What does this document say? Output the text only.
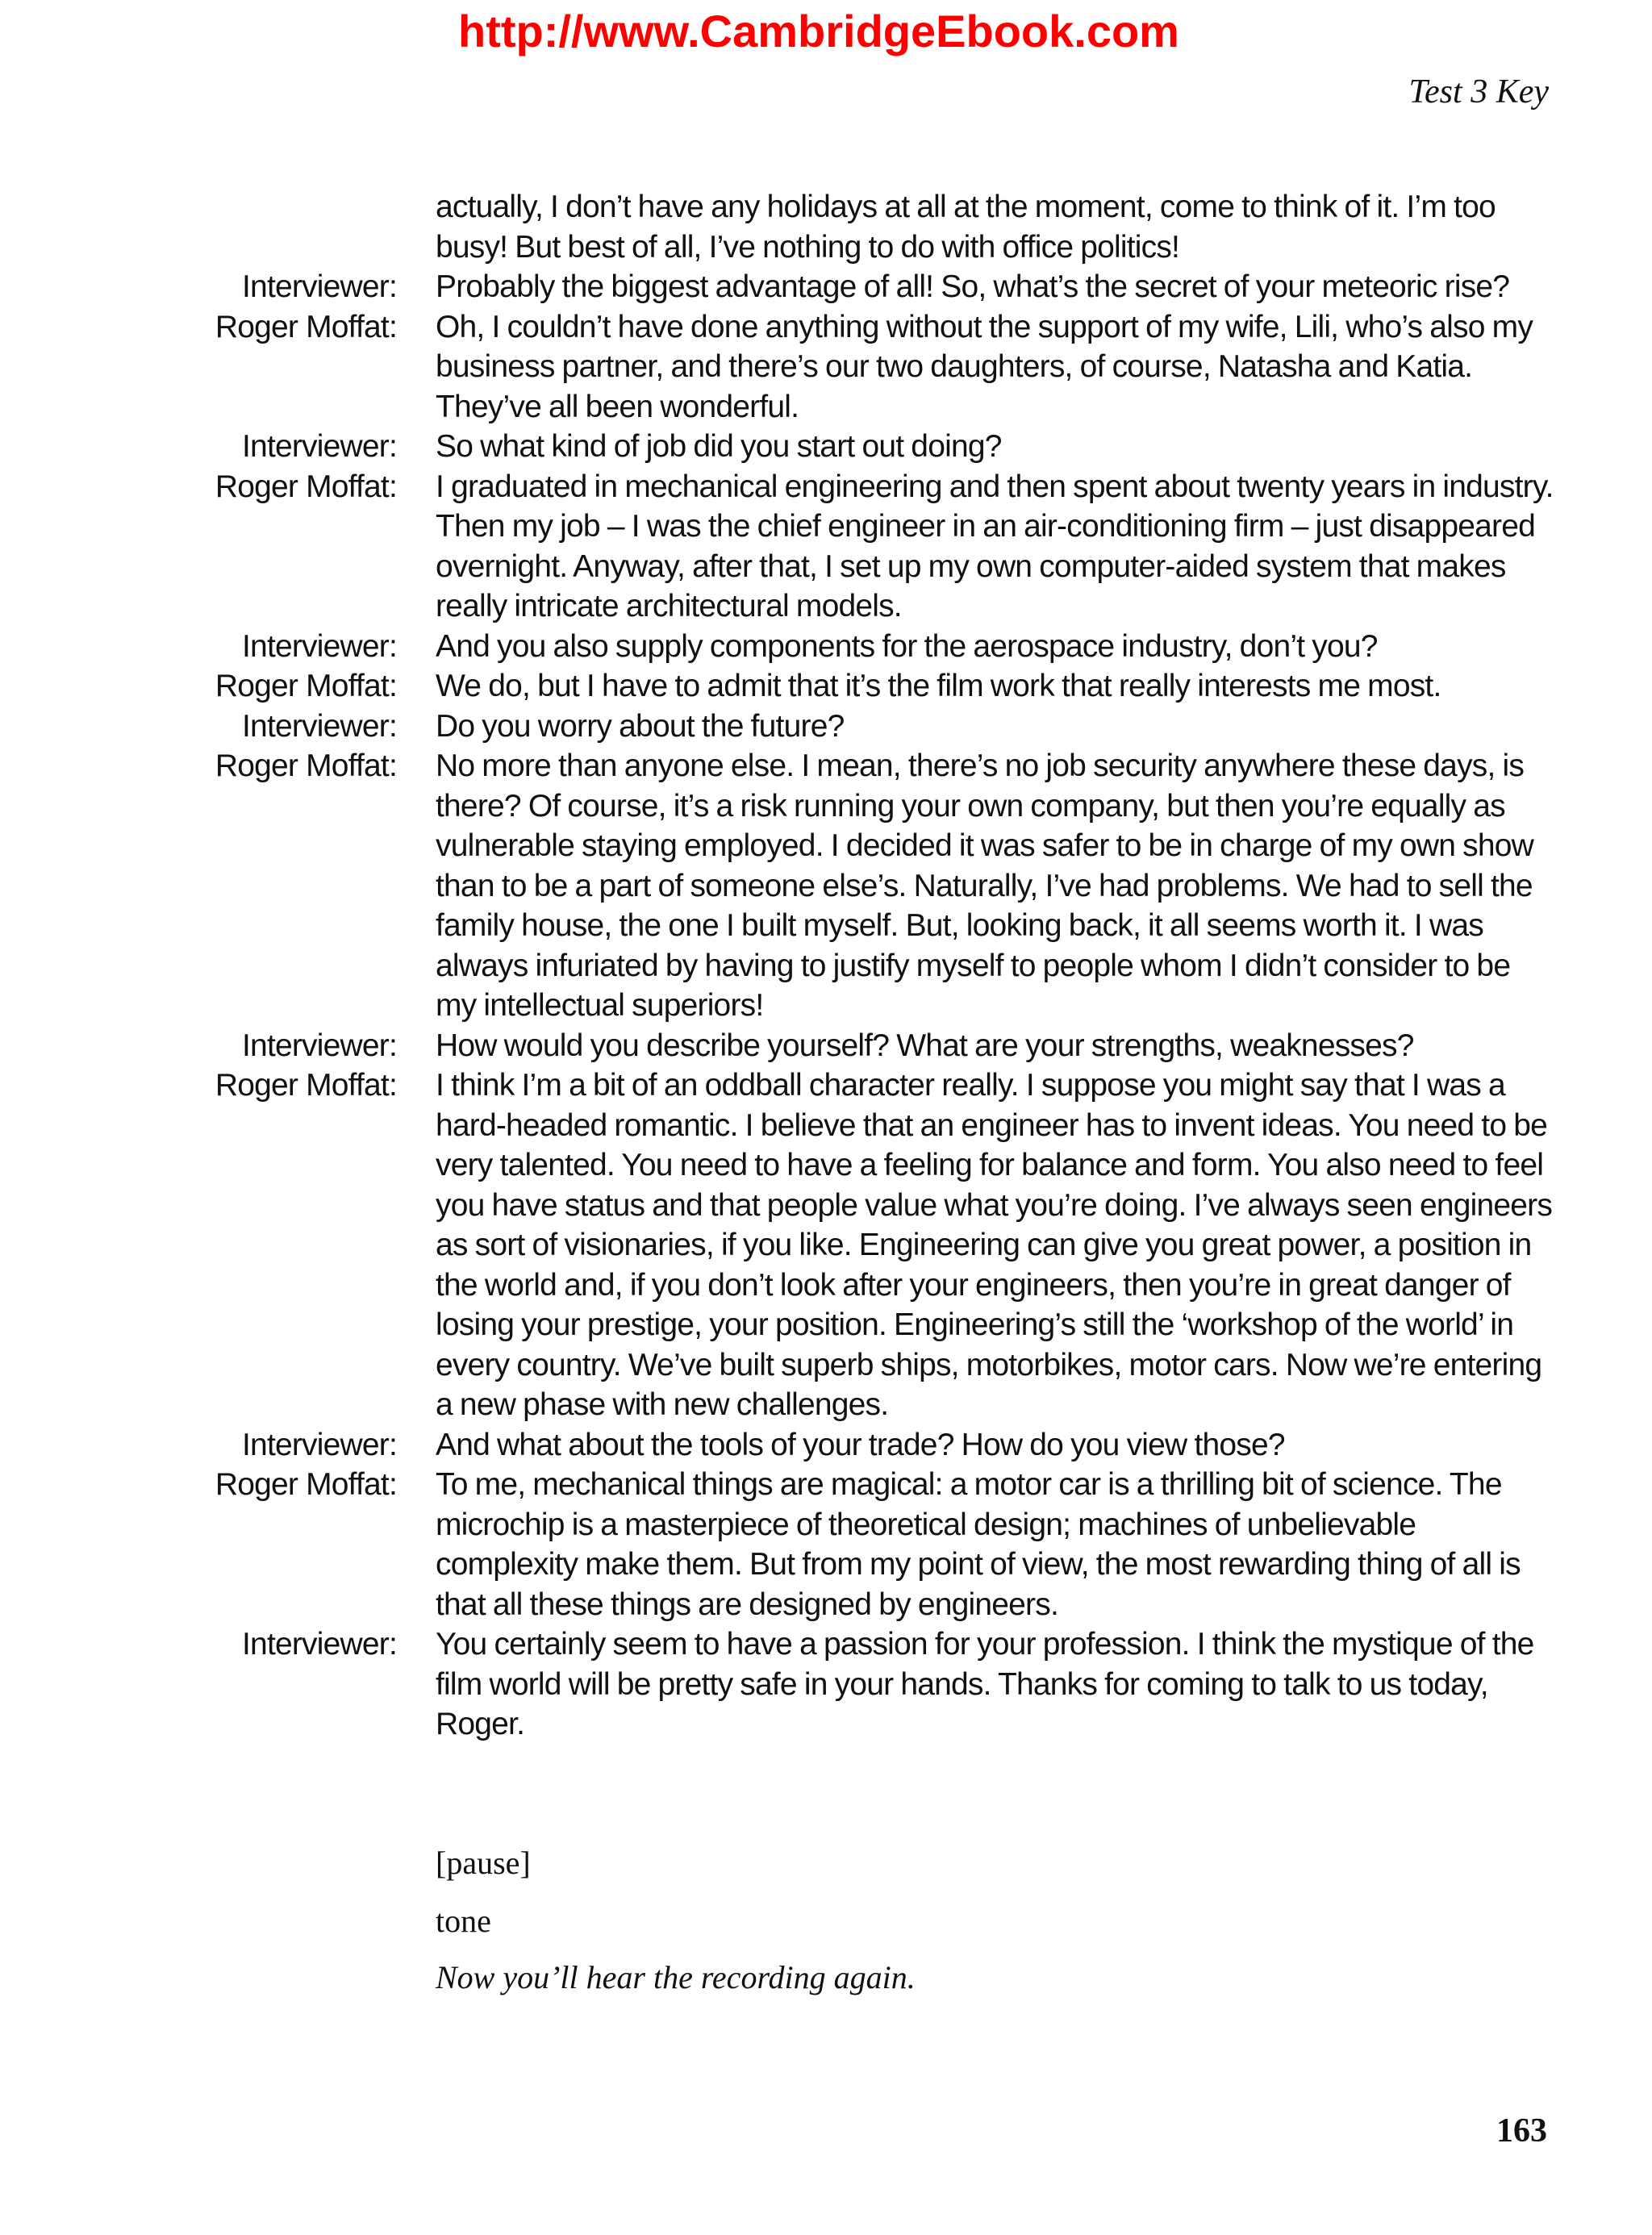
http://www.CambridgeEbook.com
Test 3 Key
actually, I don’t have any holidays at all at the moment, come to think of it. I’m too busy! But best of all, I’ve nothing to do with office politics!
Interviewer: Probably the biggest advantage of all! So, what’s the secret of your meteoric rise?
Roger Moffat: Oh, I couldn’t have done anything without the support of my wife, Lili, who’s also my business partner, and there’s our two daughters, of course, Natasha and Katia. They’ve all been wonderful.
Interviewer: So what kind of job did you start out doing?
Roger Moffat: I graduated in mechanical engineering and then spent about twenty years in industry. Then my job – I was the chief engineer in an air-conditioning firm – just disappeared overnight. Anyway, after that, I set up my own computer-aided system that makes really intricate architectural models.
Interviewer: And you also supply components for the aerospace industry, don’t you?
Roger Moffat: We do, but I have to admit that it’s the film work that really interests me most.
Interviewer: Do you worry about the future?
Roger Moffat: No more than anyone else. I mean, there’s no job security anywhere these days, is there? Of course, it’s a risk running your own company, but then you’re equally as vulnerable staying employed. I decided it was safer to be in charge of my own show than to be a part of someone else’s. Naturally, I’ve had problems. We had to sell the family house, the one I built myself. But, looking back, it all seems worth it. I was always infuriated by having to justify myself to people whom I didn’t consider to be my intellectual superiors!
Interviewer: How would you describe yourself? What are your strengths, weaknesses?
Roger Moffat: I think I’m a bit of an oddball character really. I suppose you might say that I was a hard-headed romantic. I believe that an engineer has to invent ideas. You need to be very talented. You need to have a feeling for balance and form. You also need to feel you have status and that people value what you’re doing. I’ve always seen engineers as sort of visionaries, if you like. Engineering can give you great power, a position in the world and, if you don’t look after your engineers, then you’re in great danger of losing your prestige, your position. Engineering’s still the ‘workshop of the world’ in every country. We’ve built superb ships, motorbikes, motor cars. Now we’re entering a new phase with new challenges.
Interviewer: And what about the tools of your trade? How do you view those?
Roger Moffat: To me, mechanical things are magical: a motor car is a thrilling bit of science. The microchip is a masterpiece of theoretical design; machines of unbelievable complexity make them. But from my point of view, the most rewarding thing of all is that all these things are designed by engineers.
Interviewer: You certainly seem to have a passion for your profession. I think the mystique of the film world will be pretty safe in your hands. Thanks for coming to talk to us today, Roger.
[pause]
tone
Now you’ll hear the recording again.
163
